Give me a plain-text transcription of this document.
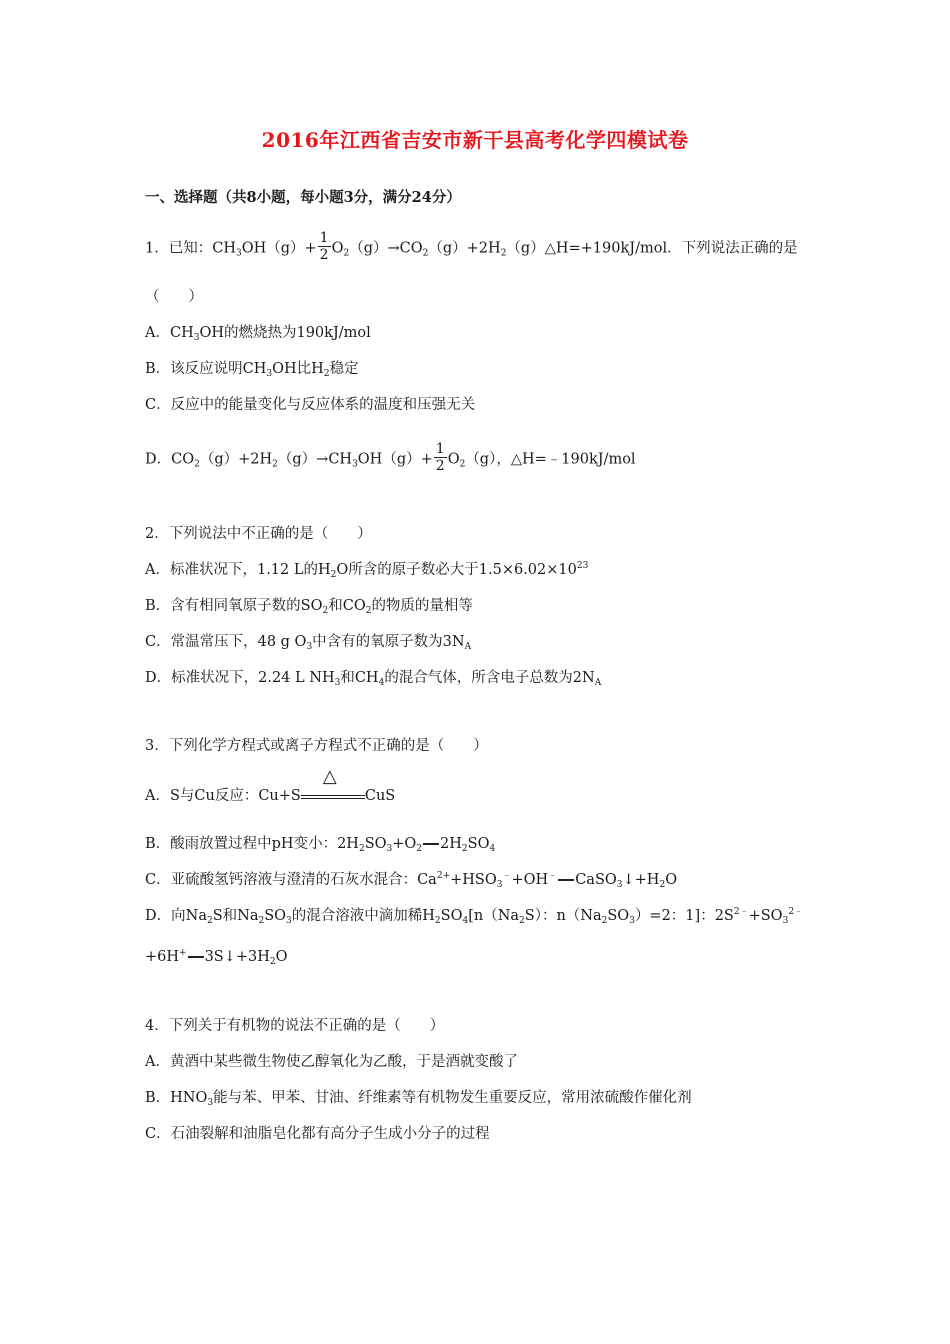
2016年江西省吉安市新干县高考化学四模试卷
一、选择题（共8小题，每小题3分，满分24分）
1．已知：$CH_3OH(g)+ \frac{1}{2}$ $O_2(g)\to CO_2(g)+2H_2(g)\triangle H=+190kJ$/mol．下列说法正确的是
（　　）
A．$CH_3OH$的燃烧热为190kJ/mol
B．该反应说明$CH_3OH$比$H_2$稳定
C．反应中的能量变化与反应体系的温度和压强无关
D．$CO_2(g)+2H_2(g)\to CH_3OH(g)+ \frac{1}{2} O_2(g)$，△H=﹣190kJ/mol
2．下列说法中不正确的是（　　）
A．标准状况下，1.12 L的$H_2O$所含的原子数必大于$1.5\times 6.02\times 10^{23}$
B．含有相同氧原子数的$SO_2$和$CO_2$的物质的量相等
C．常温常压下，48 g $O_3$中含有的氧原子数为$3N_A$
D．标准状况下，2.24 L $NH_3$和$CH_4$的混合气体，所含电子总数为$2N_A$
3．下列化学方程式或离子方程式不正确的是（　　）
A．S与Cu反应：Cu+S
△
CuS
B．酸雨放置过程中pH变小：$2H_2SO_3+O_2$ $2H_2SO_4$
C．亚硫酸氢钙溶液与澄清的石灰水混合：$Ca^{2+}+HSO_3^﹣+OH^﹣$ $CaSO_3↓+H_2O$
D．向$Na_2S$和$Na_2SO_3$的混合溶液中滴加稀$H_2SO_4[n(Na_2S)$：$n(Na_2SO_3)=2$：1]：$2S^{2﹣}+SO_3^{2﹣}$
+6H+ $3S↓+3H_2O$
4．下列关于有机物的说法不正确的是（　　）
A．黄酒中某些微生物使乙醇氧化为乙酸，于是酒就变酸了
B．$HNO_3$能与苯、甲苯、甘油、纤维素等有机物发生重要反应，常用浓硫酸作催化剂
C．石油裂解和油脂皂化都有高分子生成小分子的过程
